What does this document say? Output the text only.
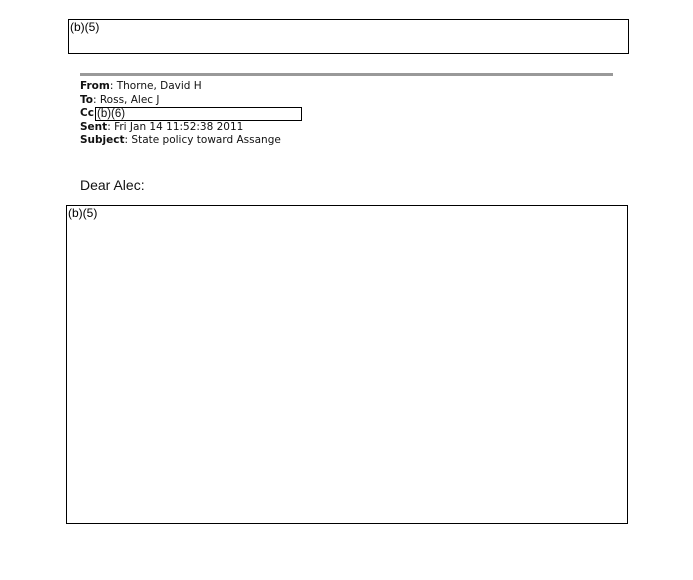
(b)(5)
From: Thorne, David H
To: Ross, Alec J
Cc (b)(6)
Sent: Fri Jan 14 11:52:38 2011
Subject: State policy toward Assange
Dear Alec:
(b)(5)
